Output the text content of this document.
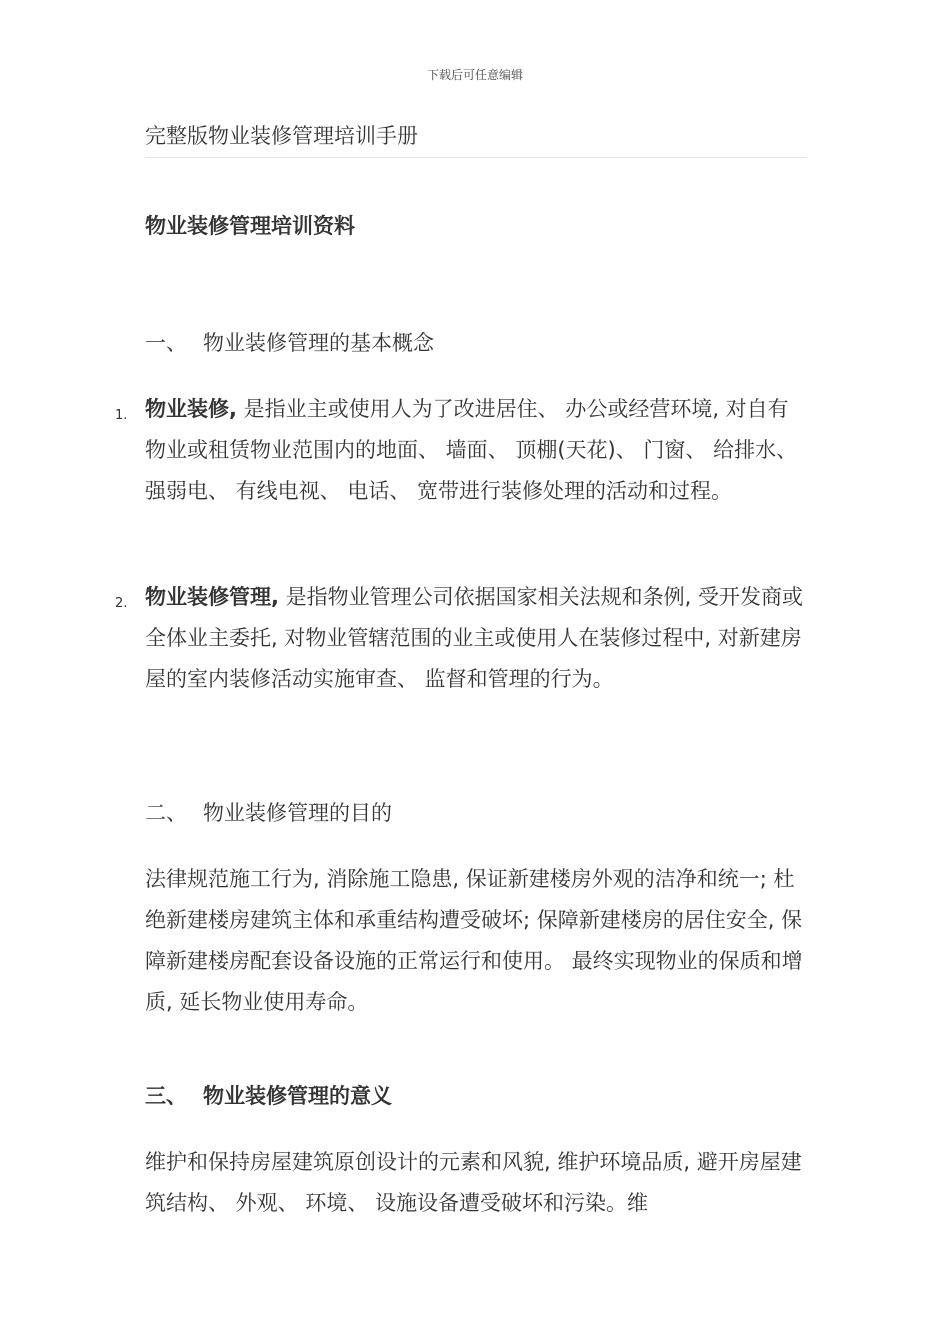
下载后可任意编辑
完整版物业装修管理培训手册
物业装修管理培训资料
一、 物业装修管理的基本概念
1. 物业装修, 是指业主或使用人为了改进居住、 办公或经营环境, 对自有物业或租赁物业范围内的地面、 墙面、 顶棚(天花)、 门窗、 给排水、 强弱电、 有线电视、 电话、 宽带进行装修处理的活动和过程。
2. 物业装修管理, 是指物业管理公司依据国家相关法规和条例, 受开发商或全体业主委托, 对物业管辖范围的业主或使用人在装修过程中, 对新建房屋的室内装修活动实施审查、 监督和管理的行为。
二、 物业装修管理的目的
法律规范施工行为, 消除施工隐患, 保证新建楼房外观的洁净和统一; 杜绝新建楼房建筑主体和承重结构遭受破坏; 保障新建楼房的居住安全, 保障新建楼房配套设备设施的正常运行和使用。 最终实现物业的保质和增质, 延长物业使用寿命。
三、 物业装修管理的意义
维护和保持房屋建筑原创设计的元素和风貌, 维护环境品质, 避开房屋建筑结构、 外观、 环境、 设施设备遭受破坏和污染。维
